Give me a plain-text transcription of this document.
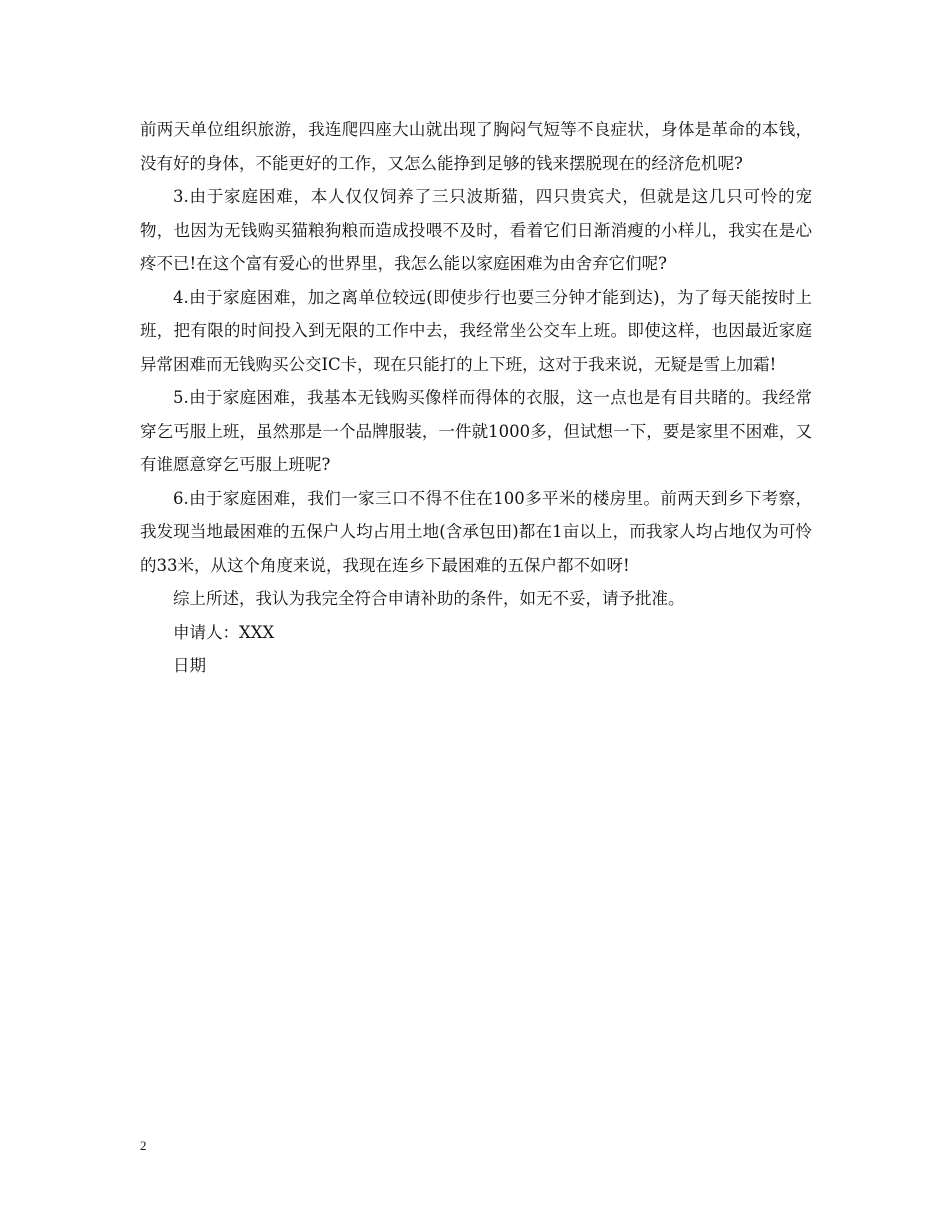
前两天单位组织旅游，我连爬四座大山就出现了胸闷气短等不良症状，身体是革命的本钱，没有好的身体，不能更好的工作，又怎么能挣到足够的钱来摆脱现在的经济危机呢?

3.由于家庭困难，本人仅仅饲养了三只波斯猫，四只贵宾犬，但就是这几只可怜的宠物，也因为无钱购买猫粮狗粮而造成投喂不及时，看着它们日渐消瘦的小样儿，我实在是心疼不已!在这个富有爱心的世界里，我怎么能以家庭困难为由舍弃它们呢?

4.由于家庭困难，加之离单位较远(即使步行也要三分钟才能到达)，为了每天能按时上班，把有限的时间投入到无限的工作中去，我经常坐公交车上班。即使这样，也因最近家庭异常困难而无钱购买公交IC卡，现在只能打的上下班，这对于我来说，无疑是雪上加霜!

5.由于家庭困难，我基本无钱购买像样而得体的衣服，这一点也是有目共睹的。我经常穿乞丐服上班，虽然那是一个品牌服装，一件就1000多，但试想一下，要是家里不困难，又有谁愿意穿乞丐服上班呢?

6.由于家庭困难，我们一家三口不得不住在100多平米的楼房里。前两天到乡下考察，我发现当地最困难的五保户人均占用土地(含承包田)都在1亩以上，而我家人均占地仅为可怜的33米，从这个角度来说，我现在连乡下最困难的五保户都不如呀!

综上所述，我认为我完全符合申请补助的条件，如无不妥，请予批准。

申请人：XXX

日期

2
